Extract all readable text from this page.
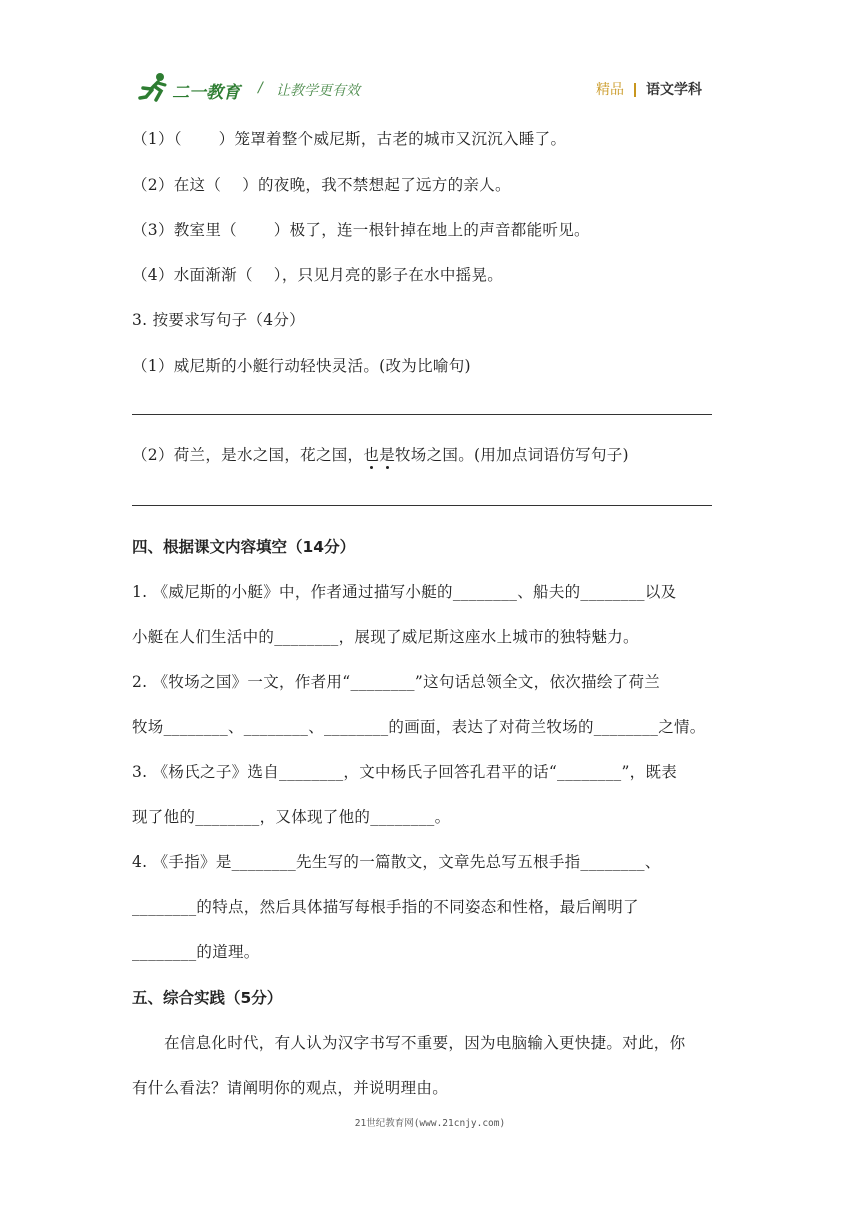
二一教育 / 让教学更有效	精品 语文学科
（1）（　　 ）笼罩着整个威尼斯，古老的城市又沉沉入睡了。
（2）在这（　 ）的夜晚，我不禁想起了远方的亲人。
（3）教室里（　　 ）极了，连一根针掉在地上的声音都能听见。
（4）水面渐渐（　 ），只见月亮的影子在水中摇晃。
3. 按要求写句子（4分）
（1）威尼斯的小艇行动轻快灵活。(改为比喻句)
（2）荷兰，是水之国，花之国，也是牧场之国。(用加点词语仿写句子)
四、根据课文内容填空（14分）
1. 《威尼斯的小艇》中，作者通过描写小艇的________、船夫的________以及
小艇在人们生活中的________，展现了威尼斯这座水上城市的独特魅力。
2. 《牧场之国》一文，作者用“________”这句话总领全文，依次描绘了荷兰
牧场________、________、________的画面，表达了对荷兰牧场的________之情。
3. 《杨氏之子》选自________，文中杨氏子回答孔君平的话“________”，既表
现了他的________，又体现了他的________。
4. 《手指》是________先生写的一篇散文，文章先总写五根手指________、
________的特点，然后具体描写每根手指的不同姿态和性格，最后阐明了
________的道理。
五、综合实践（5分）
在信息化时代，有人认为汉字书写不重要，因为电脑输入更快捷。对此，你
有什么看法？请阐明你的观点，并说明理由。
21世纪教育网(www.21cnjy.com)
